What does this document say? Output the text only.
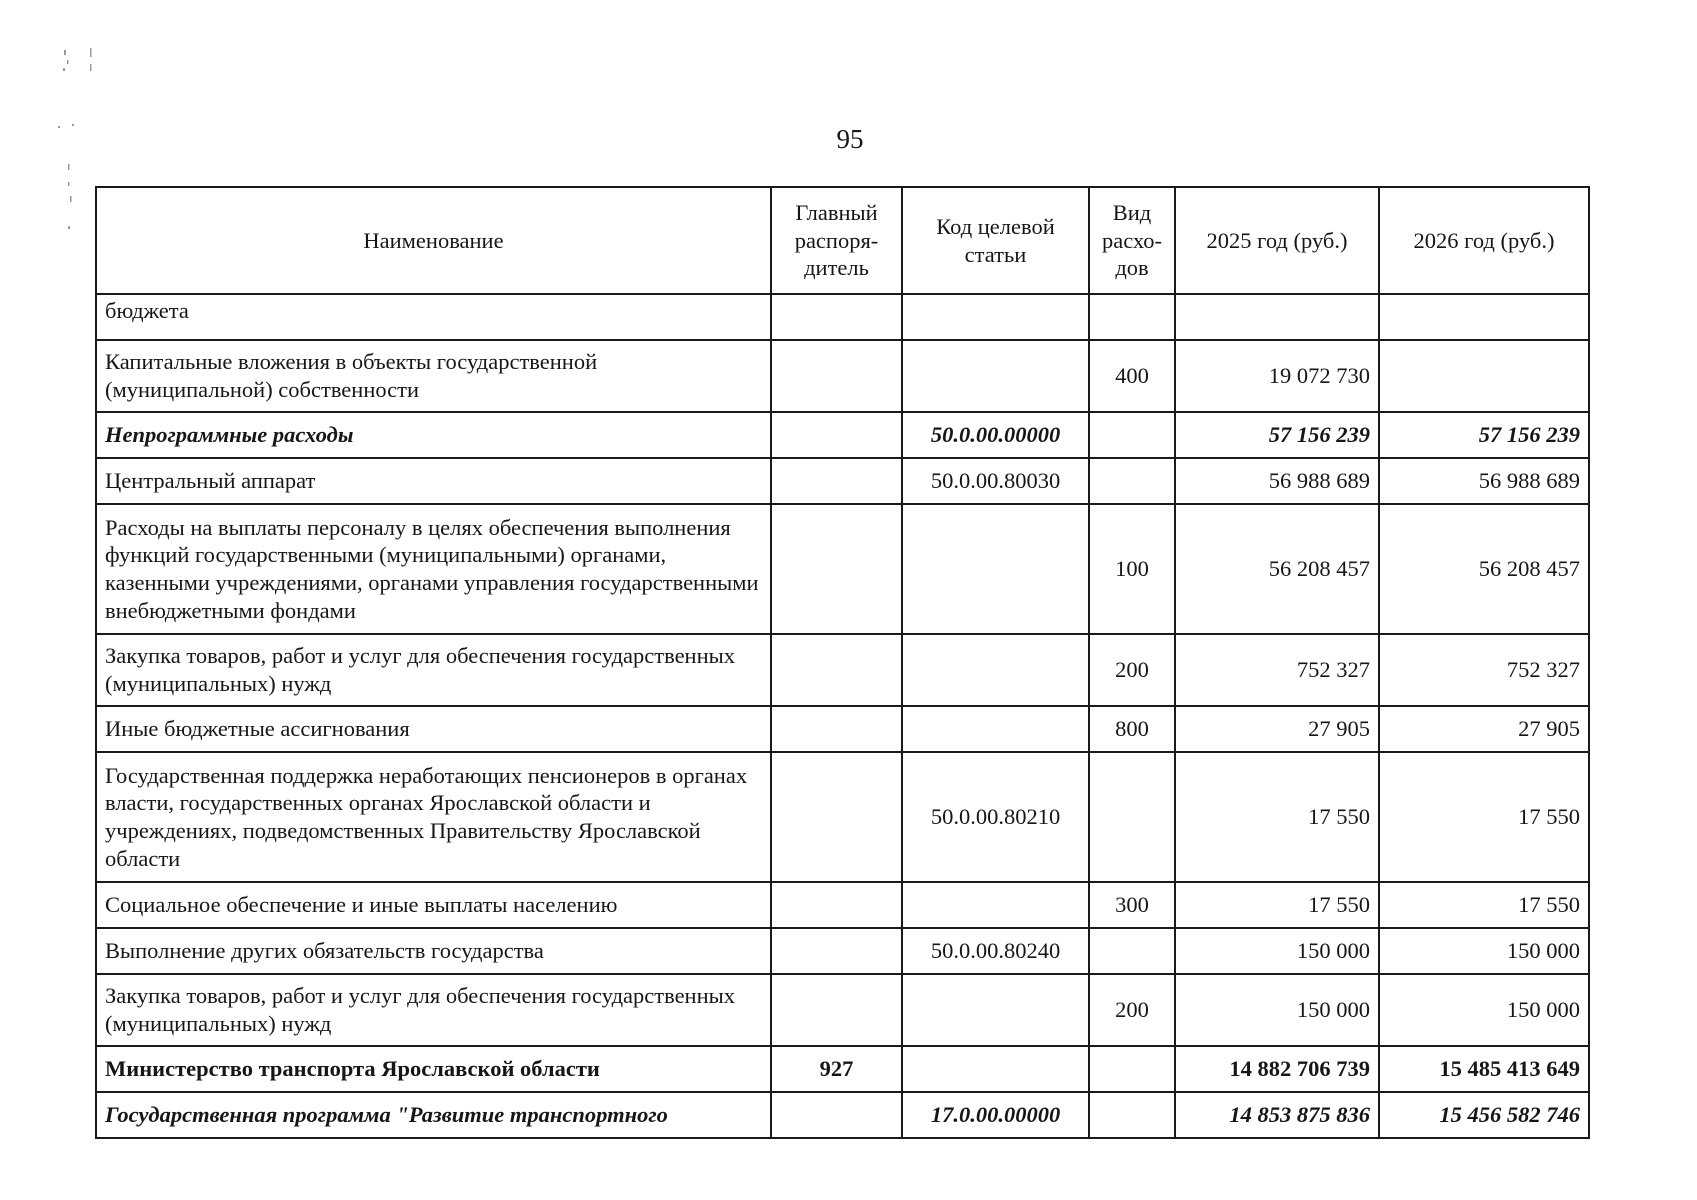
95
Наименование	Главный распоря-дитель	Код целевой статьи	Вид расхо-дов	2025 год (руб.)	2026 год (руб.)
бюджета					
Капитальные вложения в объекты государственной (муниципальной) собственности			400	19 072 730	
Непрограммные расходы		50.0.00.00000		57 156 239	57 156 239
Центральный аппарат		50.0.00.80030		56 988 689	56 988 689
Расходы на выплаты персоналу в целях обеспечения выполнения функций государственными (муниципальными) органами, казенными учреждениями, органами управления государственными внебюджетными фондами			100	56 208 457	56 208 457
Закупка товаров, работ и услуг для обеспечения государственных (муниципальных) нужд			200	752 327	752 327
Иные бюджетные ассигнования			800	27 905	27 905
Государственная поддержка неработающих пенсионеров в органах власти, государственных органах Ярославской области и учреждениях, подведомственных Правительству Ярославской области		50.0.00.80210		17 550	17 550
Социальное обеспечение и иные выплаты населению			300	17 550	17 550
Выполнение других обязательств государства		50.0.00.80240		150 000	150 000
Закупка товаров, работ и услуг для обеспечения государственных (муниципальных) нужд			200	150 000	150 000
Министерство транспорта Ярославской области	927			14 882 706 739	15 485 413 649
Государственная программа "Развитие транспортного		17.0.00.00000		14 853 875 836	15 456 582 746
